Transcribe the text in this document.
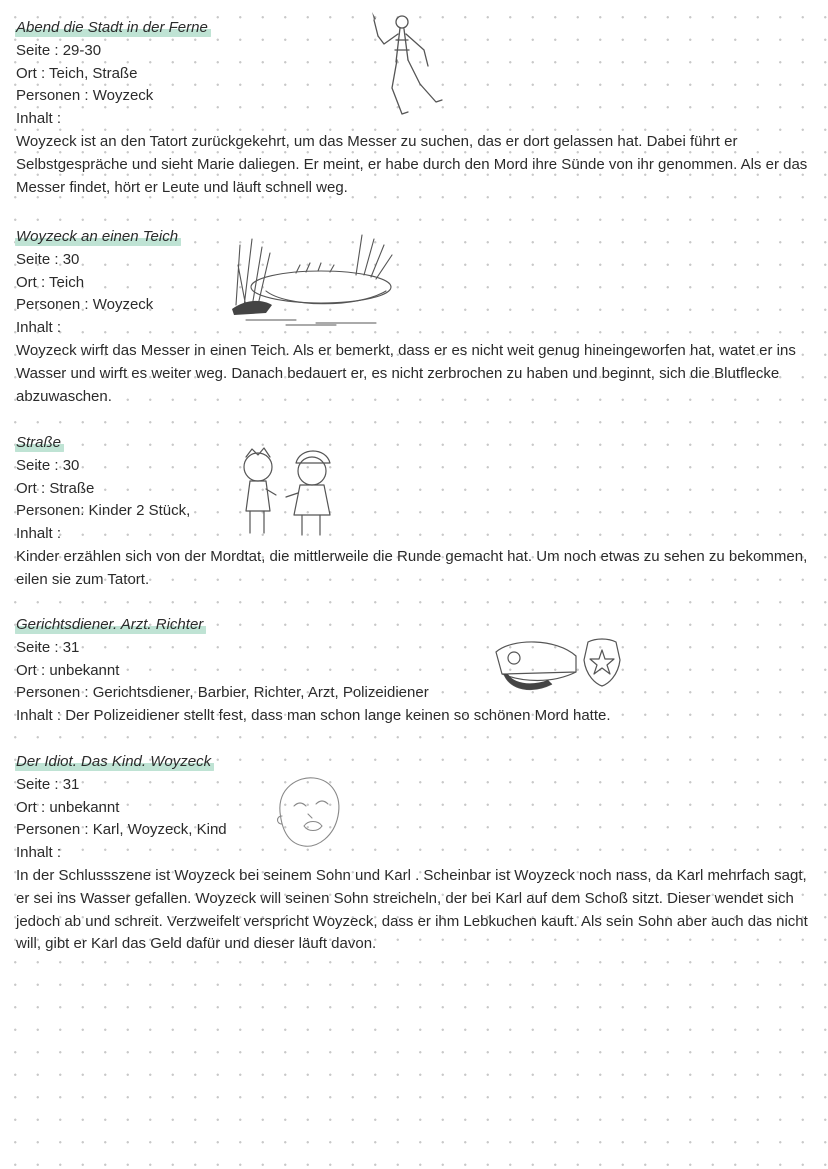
Abend die Stadt in der Ferne
Seite : 29-30
Ort : Teich, Straße
Personen : Woyzeck
Inhalt :

Woyzeck ist an den Tatort zurückgekehrt, um das Messer zu suchen, das er dort gelassen hat. Dabei führt er Selbstgespräche und sieht Marie daliegen. Er meint, er habe durch den Mord ihre Sünde von ihr genommen. Als er das Messer findet, hört er Leute und läuft schnell weg.

Woyzeck an einen Teich
Seite : 30
Ort : Teich
Personen : Woyzeck
Inhalt :

Woyzeck wirft das Messer in einen Teich. Als er bemerkt, dass er es nicht weit genug hineingeworfen hat, watet er ins Wasser und wirft es weiter weg. Danach bedauert er, es nicht zerbrochen zu haben und beginnt, sich die Blutflecke abzuwaschen.

Straße
Seite : 30
Ort : Straße
Personen: Kinder 2 Stück,
Inhalt :

Kinder erzählen sich von der Mordtat, die mittlerweile die Runde gemacht hat. Um noch etwas zu sehen zu bekommen, eilen sie zum Tatort.

Gerichtsdiener. Arzt. Richter
Seite : 31
Ort : unbekannt
Personen : Gerichtsdiener, Barbier, Richter, Arzt, Polizeidiener
Inhalt : Der Polizeidiener stellt fest, dass man schon lange keinen so schönen Mord hatte.
Der Idiot. Das Kind. Woyzeck
Seite : 31
Ort : unbekannt
Personen : Karl, Woyzeck, Kind
Inhalt :

In der Schlussszene ist Woyzeck bei seinem Sohn und Karl . Scheinbar ist Woyzeck noch nass, da Karl mehrfach sagt, er sei ins Wasser gefallen. Woyzeck will seinen Sohn streicheln, der bei Karl auf dem Schoß sitzt. Dieser wendet sich jedoch ab und schreit. Verzweifelt verspricht Woyzeck, dass er ihm Lebkuchen kauft. Als sein Sohn aber auch das nicht will, gibt er Karl das Geld dafür und dieser läuft davon.
